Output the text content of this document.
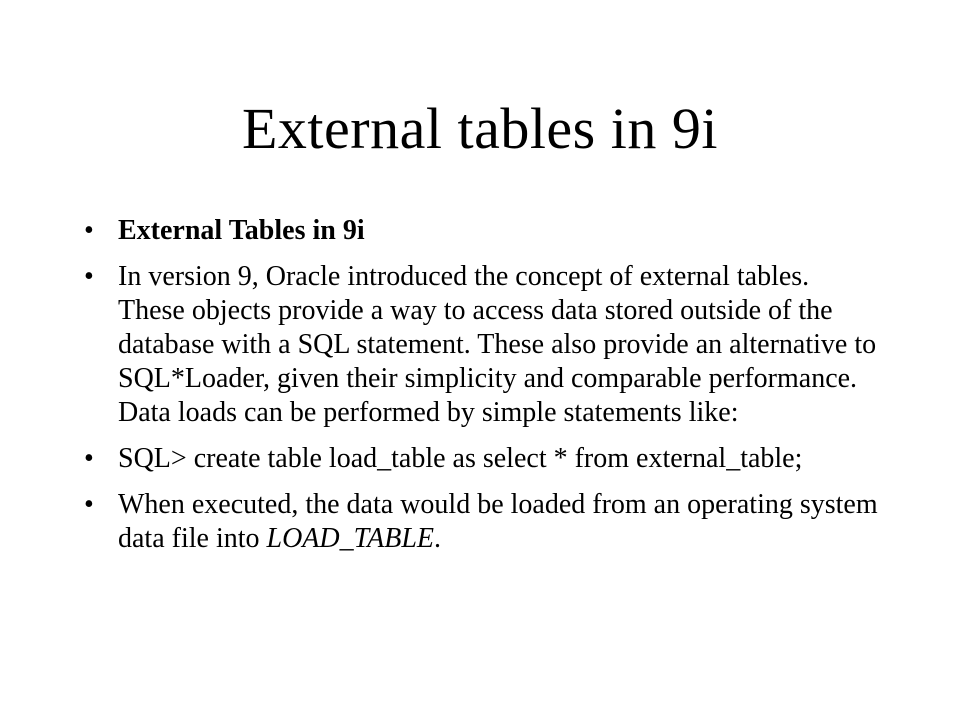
External tables in 9i
• External Tables in 9i
• In version 9, Oracle introduced the concept of external tables. These objects provide a way to access data stored outside of the database with a SQL statement. These also provide an alternative to SQL*Loader, given their simplicity and comparable performance. Data loads can be performed by simple statements like:
• SQL> create table load_table as select * from external_table;
• When executed, the data would be loaded from an operating system data file into LOAD_TABLE.
